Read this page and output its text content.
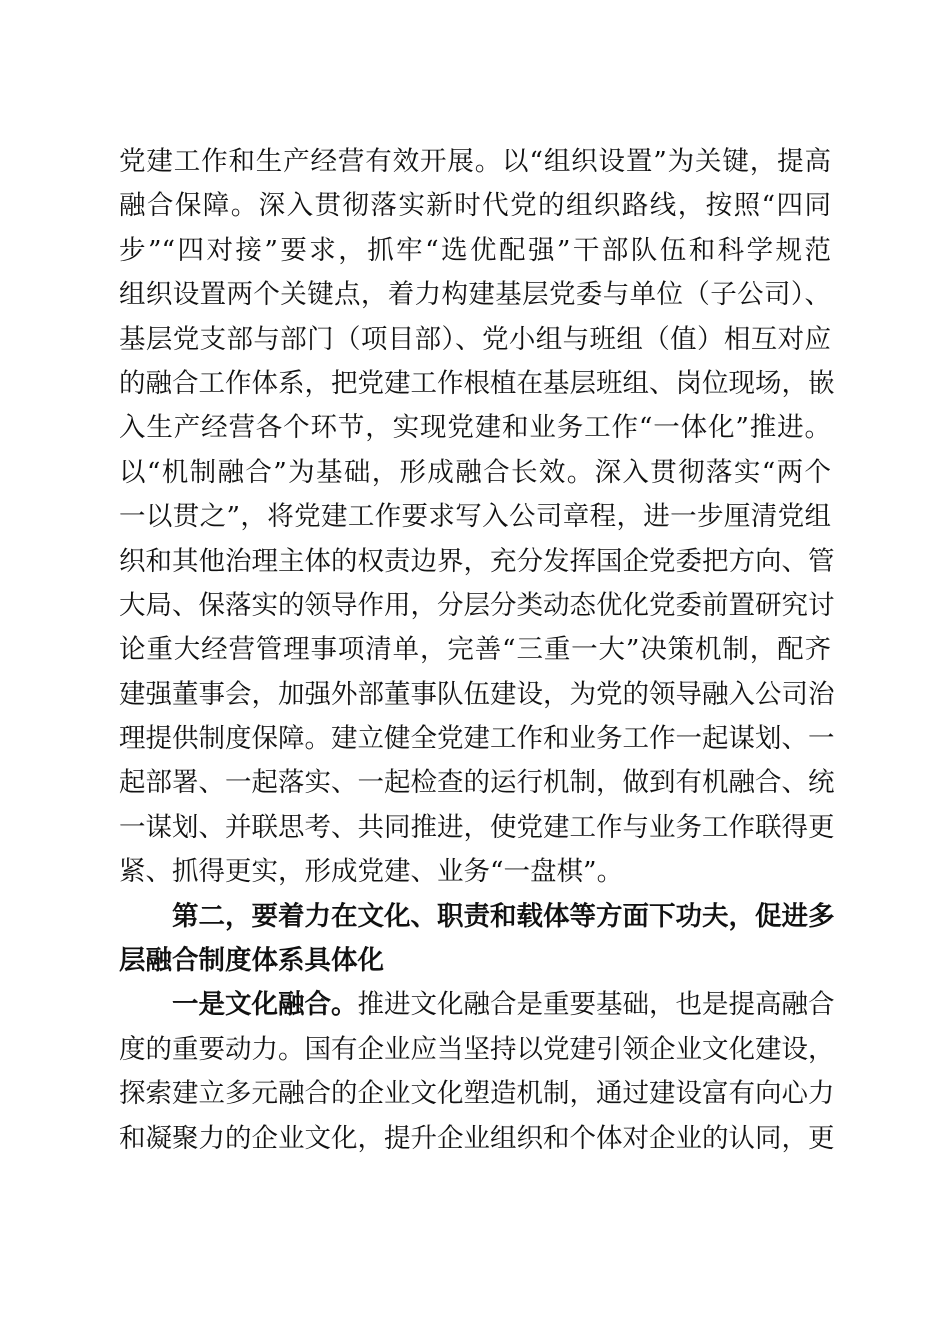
党建工作和生产经营有效开展。以“组织设置”为关键，提高
融合保障。深入贯彻落实新时代党的组织路线，按照“四同
步”“四对接”要求，抓牢“选优配强”干部队伍和科学规范
组织设置两个关键点，着力构建基层党委与单位（子公司）、
基层党支部与部门（项目部）、党小组与班组（值）相互对应
的融合工作体系，把党建工作根植在基层班组、岗位现场，嵌
入生产经营各个环节，实现党建和业务工作“一体化”推进。
以“机制融合”为基础，形成融合长效。深入贯彻落实“两个
一以贯之”，将党建工作要求写入公司章程，进一步厘清党组
织和其他治理主体的权责边界，充分发挥国企党委把方向、管
大局、保落实的领导作用，分层分类动态优化党委前置研究讨
论重大经营管理事项清单，完善“三重一大”决策机制，配齐
建强董事会，加强外部董事队伍建设，为党的领导融入公司治
理提供制度保障。建立健全党建工作和业务工作一起谋划、一
起部署、一起落实、一起检查的运行机制，做到有机融合、统
一谋划、并联思考、共同推进，使党建工作与业务工作联得更
紧、抓得更实，形成党建、业务“一盘棋”。
第二，要着力在文化、职责和载体等方面下功夫，促进多
层融合制度体系具体化
一是文化融合。推进文化融合是重要基础，也是提高融合
度的重要动力。国有企业应当坚持以党建引领企业文化建设，
探索建立多元融合的企业文化塑造机制，通过建设富有向心力
和凝聚力的企业文化，提升企业组织和个体对企业的认同，更
